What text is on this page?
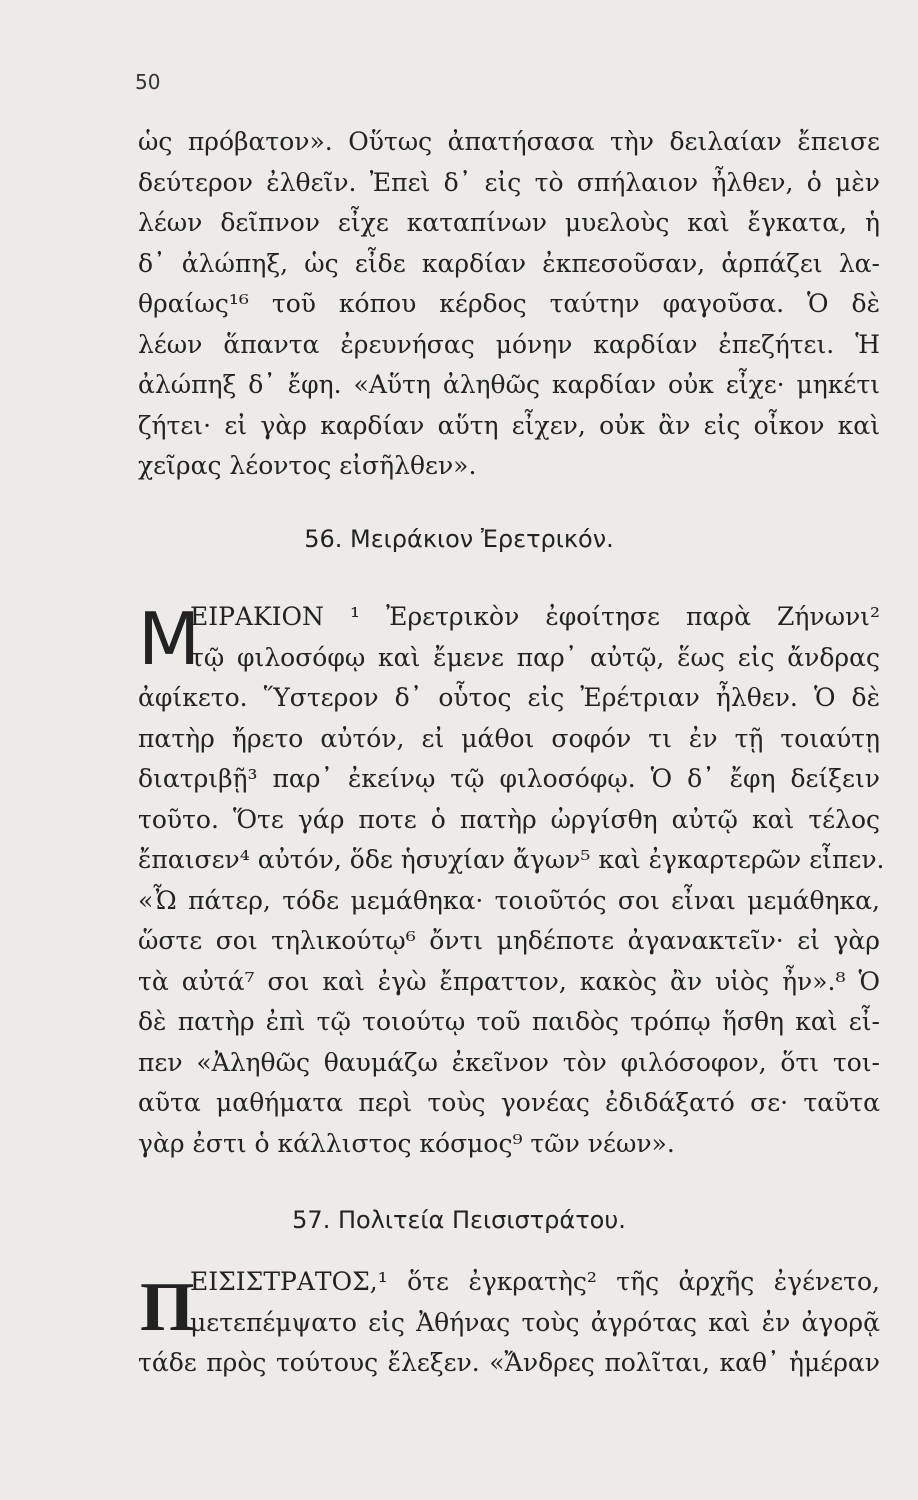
50
ὡς πρόβατον». Οὕτως ἀπατήσασα τὴν δειλαίαν ἔπεισε
δεύτερον ἐλθεῖν. Ἐπεὶ δ᾽ εἰς τὸ σπήλαιον ἦλθεν, ὁ μὲν
λέων δεῖπνον εἶχε καταπίνων μυελοὺς καὶ ἔγκατα, ἡ
δ᾽ ἀλώπηξ, ὡς εἶδε καρδίαν ἐκπεσοῦσαν, ἁρπάζει λα-
θραίως¹⁶ τοῦ κόπου κέρδος ταύτην φαγοῦσα. Ὁ δὲ
λέων ἅπαντα ἐρευνήσας μόνην καρδίαν ἐπεζήτει. Ἡ
ἀλώπηξ δ᾽ ἔφη. «Αὕτη ἀληθῶς καρδίαν οὐκ εἶχε· μηκέτι
ζήτει· εἰ γὰρ καρδίαν αὕτη εἶχεν, οὐκ ἂν εἰς οἶκον καὶ
χεῖρας λέοντος εἰσῆλθεν».
56. Μειράκιον Ἐρετρικόν.
Μ
ΕΙΡΑΚΙΟΝ ¹ Ἐρετρικὸν ἐφοίτησε παρὰ Ζήνωνι²
τῷ φιλοσόφῳ καὶ ἔμενε παρ᾽ αὐτῷ, ἕως εἰς ἄνδρας
ἀφίκετο. Ὕστερον δ᾽ οὗτος εἰς Ἐρέτριαν ἦλθεν. Ὁ δὲ
πατὴρ ἤρετο αὐτόν, εἰ μάθοι σοφόν τι ἐν τῇ τοιαύτῃ
διατριβῇ³ παρ᾽ ἐκείνῳ τῷ φιλοσόφῳ. Ὁ δ᾽ ἔφη δείξειν
τοῦτο. Ὅτε γάρ ποτε ὁ πατὴρ ὠργίσθη αὐτῷ καὶ τέλος
ἔπαισεν⁴ αὐτόν, ὅδε ἡσυχίαν ἄγων⁵ καὶ ἐγκαρτερῶν εἶπεν.
«Ὦ πάτερ, τόδε μεμάθηκα· τοιοῦτός σοι εἶναι μεμάθηκα,
ὥστε σοι τηλικούτῳ⁶ ὄντι μηδέποτε ἀγανακτεῖν· εἰ γὰρ
τὰ αὐτά⁷ σοι καὶ ἐγὼ ἔπραττον, κακὸς ἂν υἱὸς ἦν».⁸ Ὁ
δὲ πατὴρ ἐπὶ τῷ τοιούτῳ τοῦ παιδὸς τρόπῳ ἥσθη καὶ εἶ-
πεν «Ἀληθῶς θαυμάζω ἐκεῖνον τὸν φιλόσοφον, ὅτι τοι-
αῦτα μαθήματα περὶ τοὺς γονέας ἐδιδάξατό σε· ταῦτα
γὰρ ἐστι ὁ κάλλιστος κόσμος⁹ τῶν νέων».
57. Πολιτεία Πεισιστράτου.
Π
ΕΙΣΙΣΤΡΑΤΟΣ,¹ ὅτε ἐγκρατὴς² τῆς ἀρχῆς ἐγένετο,
μετεπέμψατο εἰς Ἀθήνας τοὺς ἀγρότας καὶ ἐν ἀγορᾷ
τάδε πρὸς τούτους ἔλεξεν. «Ἄνδρες πολῖται, καθ᾽ ἡμέραν
